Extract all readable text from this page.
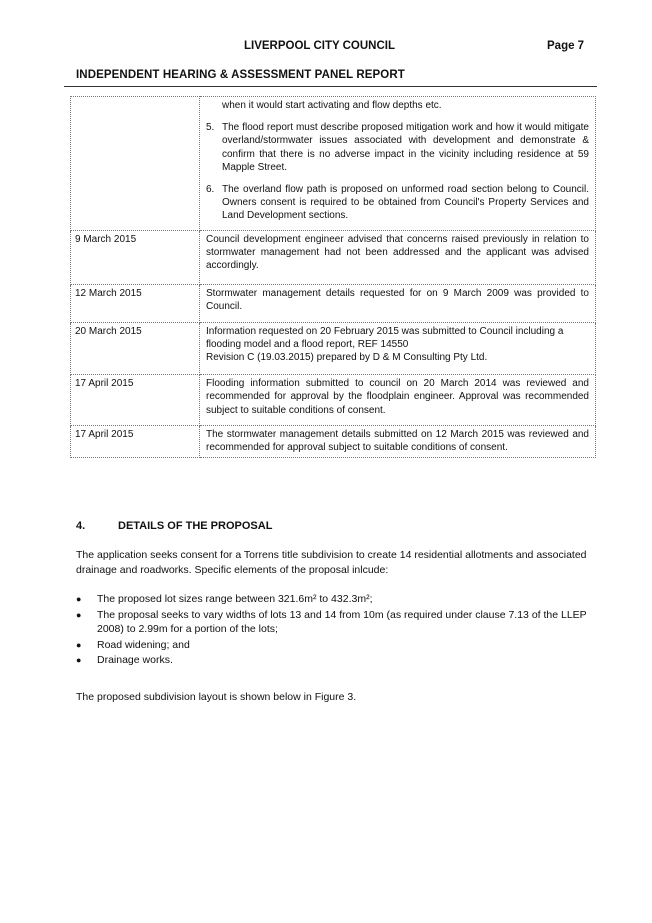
LIVERPOOL CITY COUNCIL	Page 7
INDEPENDENT HEARING & ASSESSMENT PANEL REPORT

	when it would start activating and flow depths etc.
5. The flood report must describe proposed mitigation work and how it would mitigate overland/stormwater issues associated with development and demonstrate & confirm that there is no adverse impact in the vicinity including residence at 59 Mapple Street.
6. The overland flow path is proposed on unformed road section belong to Council. Owners consent is required to be obtained from Council's Property Services and Land Development sections.

9 March 2015	Council development engineer advised that concerns raised previously in relation to stormwater management had not been addressed and the applicant was advised accordingly.
12 March 2015	Stormwater management details requested for on 9 March 2009 was provided to Council.
20 March 2015	Information requested on 20 February 2015 was submitted to Council including a flooding model and a flood report, REF 14550
Revision C (19.03.2015) prepared by D & M Consulting Pty Ltd.

17 April 2015	Flooding information submitted to council on 20 March 2014 was reviewed and recommended for approval by the floodplain engineer. Approval was recommended subject to suitable conditions of consent.
17 April 2015	The stormwater management details submitted on 12 March 2015 was reviewed and recommended for approval subject to suitable conditions of consent.
4.	DETAILS OF THE PROPOSAL
The application seeks consent for a Torrens title subdivision to create 14 residential allotments and associated drainage and roadworks. Specific elements of the proposal inlcude:
●	The proposed lot sizes range between 321.6m² to 432.3m²;
●	The proposal seeks to vary widths of lots 13 and 14 from 10m (as required under clause 7.13 of the LLEP 2008) to 2.99m for a portion of the lots;
●	Road widening; and
●	Drainage works.
The proposed subdivision layout is shown below in Figure 3.
